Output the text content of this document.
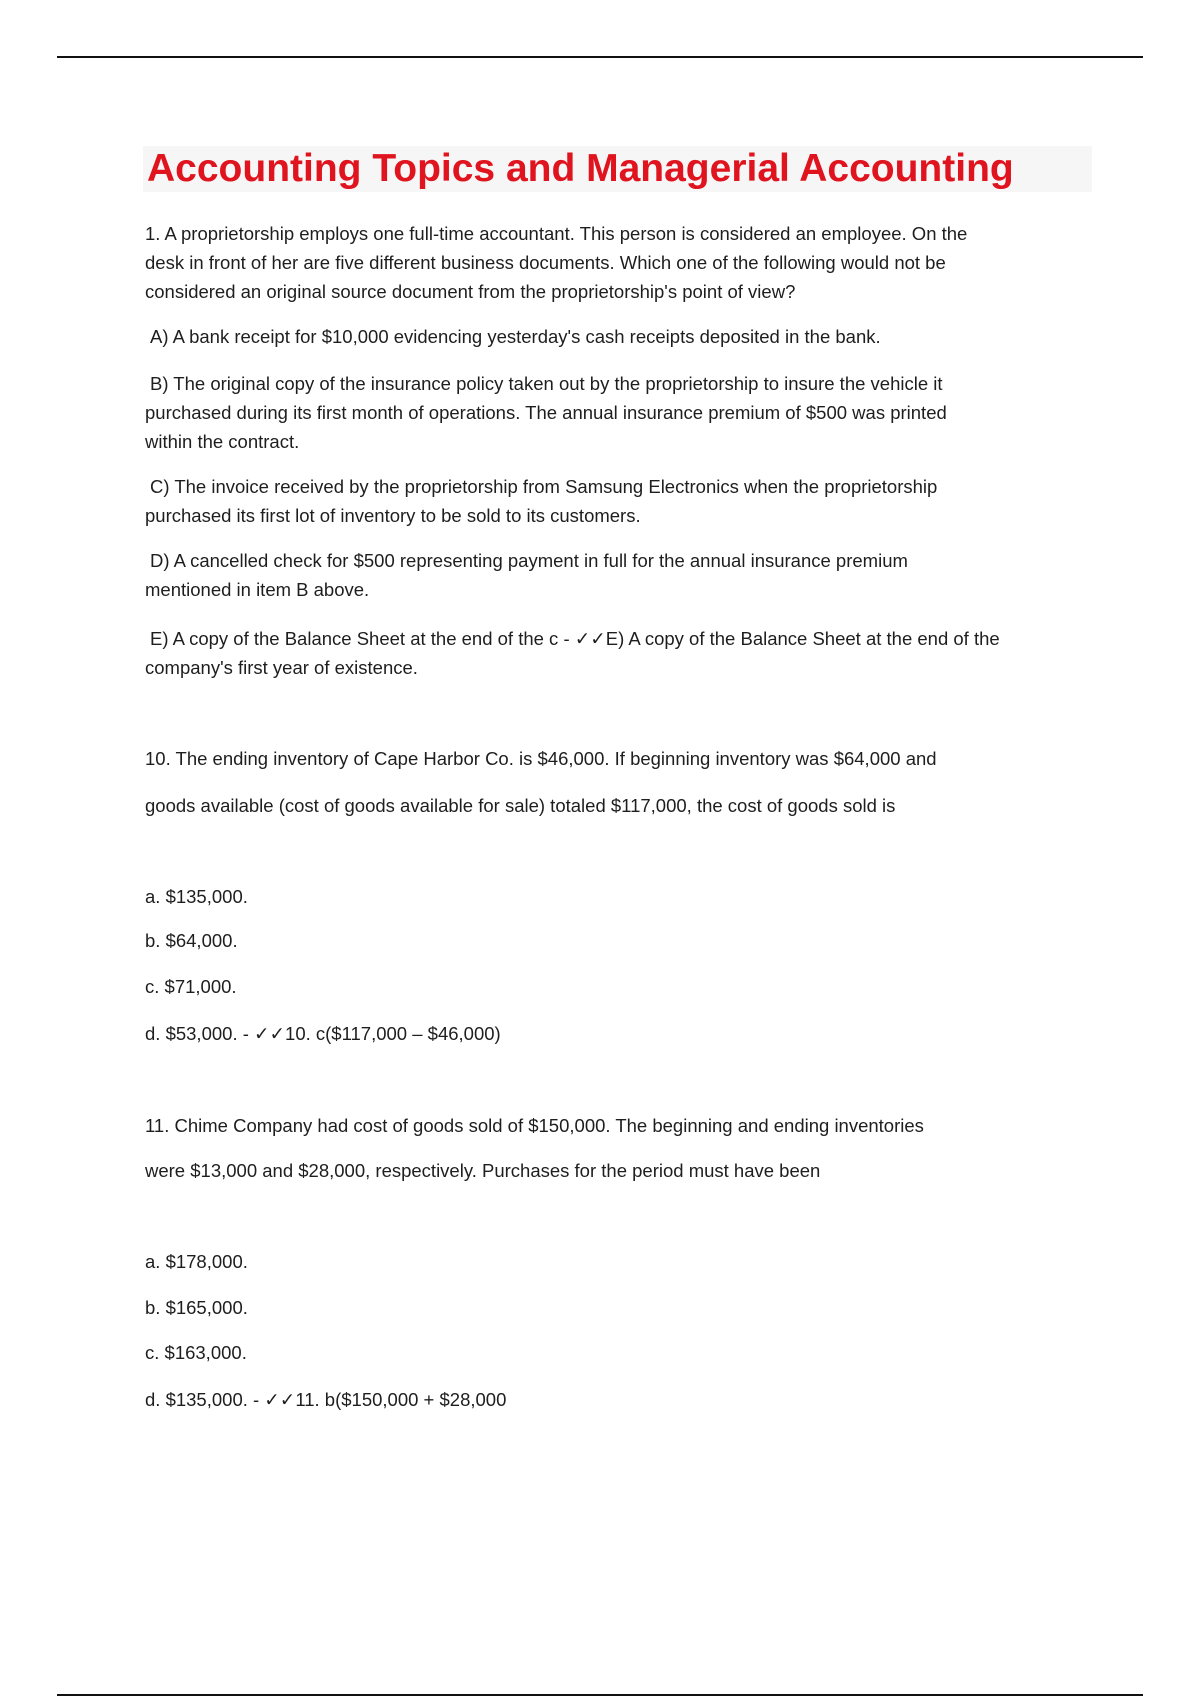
Accounting Topics and Managerial Accounting

1. A proprietorship employs one full-time accountant. This person is considered an employee. On the
desk in front of her are five different business documents. Which one of the following would not be
considered an original source document from the proprietorship's point of view?

A) A bank receipt for $10,000 evidencing yesterday's cash receipts deposited in the bank.

B) The original copy of the insurance policy taken out by the proprietorship to insure the vehicle it
purchased during its first month of operations. The annual insurance premium of $500 was printed
within the contract.

C) The invoice received by the proprietorship from Samsung Electronics when the proprietorship
purchased its first lot of inventory to be sold to its customers.

D) A cancelled check for $500 representing payment in full for the annual insurance premium
mentioned in item B above.

E) A copy of the Balance Sheet at the end of the c - ✓✓E) A copy of the Balance Sheet at the end of the
company's first year of existence.

10. The ending inventory of Cape Harbor Co. is $46,000. If beginning inventory was $64,000 and

goods available (cost of goods available for sale) totaled $117,000, the cost of goods sold is

a. $135,000.

b. $64,000.

c. $71,000.

d. $53,000. - ✓✓10. c($117,000 – $46,000)

11. Chime Company had cost of goods sold of $150,000. The beginning and ending inventories

were $13,000 and $28,000, respectively. Purchases for the period must have been

a. $178,000.

b. $165,000.

c. $163,000.

d. $135,000. - ✓✓11. b($150,000 + $28,000
